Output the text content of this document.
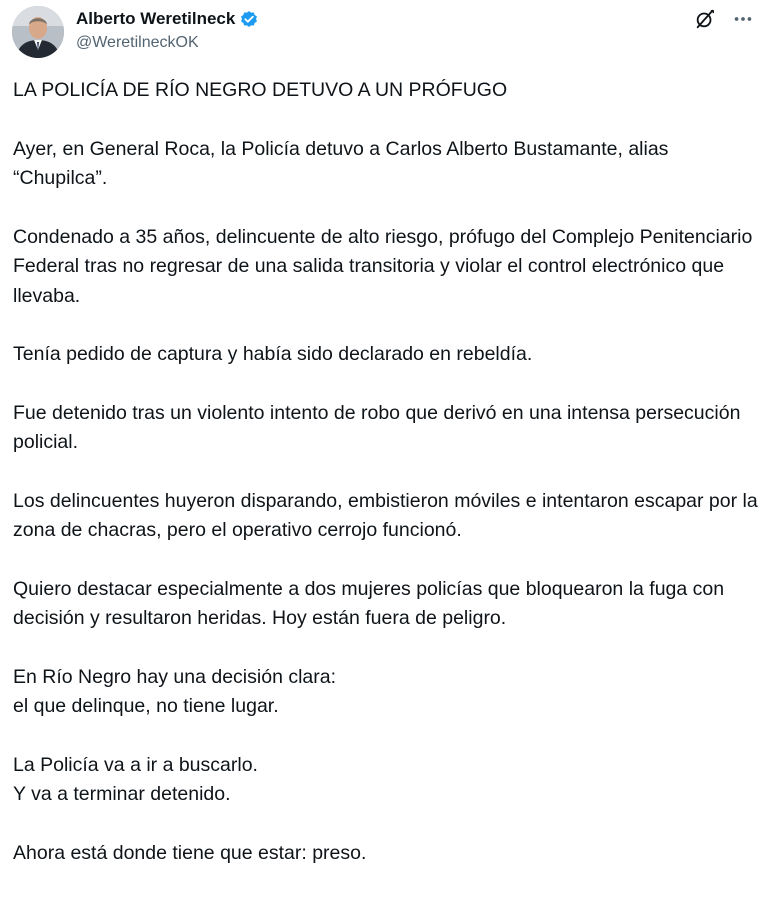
Alberto Weretilneck
@WeretilneckOK

LA POLICÍA DE RÍO NEGRO DETUVO A UN PRÓFUGO

Ayer, en General Roca, la Policía detuvo a Carlos Alberto Bustamante, alias “Chupilca”.

Condenado a 35 años, delincuente de alto riesgo, prófugo del Complejo Penitenciario Federal tras no regresar de una salida transitoria y violar el control electrónico que llevaba.

Tenía pedido de captura y había sido declarado en rebeldía.

Fue detenido tras un violento intento de robo que derivó en una intensa persecución policial.

Los delincuentes huyeron disparando, embistieron móviles e intentaron escapar por la zona de chacras, pero el operativo cerrojo funcionó.

Quiero destacar especialmente a dos mujeres policías que bloquearon la fuga con decisión y resultaron heridas. Hoy están fuera de peligro.

En Río Negro hay una decisión clara:
el que delinque, no tiene lugar.

La Policía va a ir a buscarlo.
Y va a terminar detenido.

Ahora está donde tiene que estar: preso.
